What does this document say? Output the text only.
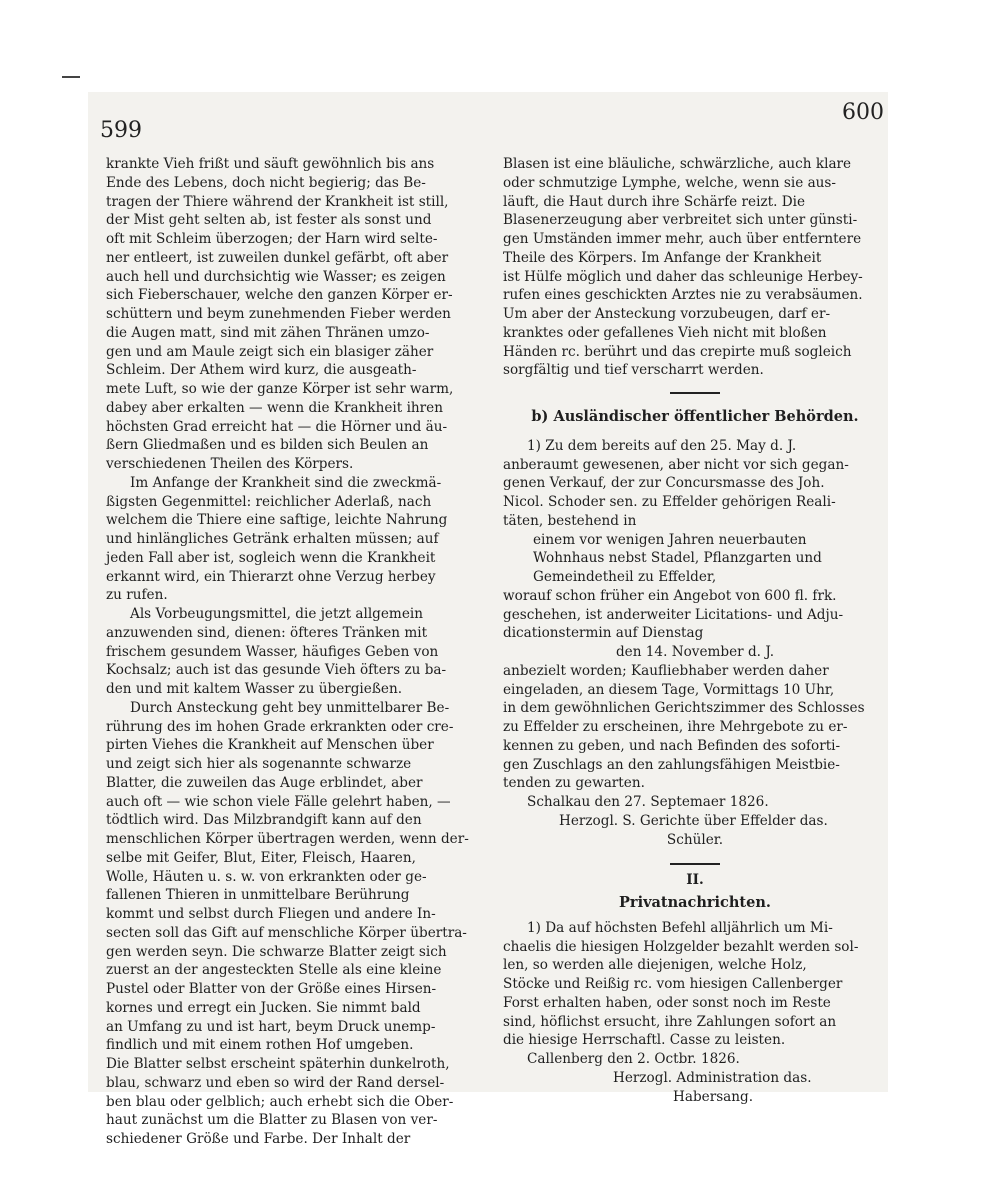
599
600
krankte Vieh frißt und säuft gewöhnlich bis ans
Ende des Lebens, doch nicht begierig; das Be-
tragen der Thiere während der Krankheit ist still,
der Mist geht selten ab, ist fester als sonst und
oft mit Schleim überzogen; der Harn wird selte-
ner entleert, ist zuweilen dunkel gefärbt, oft aber
auch hell und durchsichtig wie Wasser; es zeigen
sich Fieberschauer, welche den ganzen Körper er-
schüttern und beym zunehmenden Fieber werden
die Augen matt, sind mit zähen Thränen umzo-
gen und am Maule zeigt sich ein blasiger zäher
Schleim. Der Athem wird kurz, die ausgeath-
mete Luft, so wie der ganze Körper ist sehr warm,
dabey aber erkalten — wenn die Krankheit ihren
höchsten Grad erreicht hat — die Hörner und äu-
ßern Gliedmaßen und es bilden sich Beulen an
verschiedenen Theilen des Körpers.
Im Anfange der Krankheit sind die zweckmä-
ßigsten Gegenmittel: reichlicher Aderlaß, nach
welchem die Thiere eine saftige, leichte Nahrung
und hinlängliches Getränk erhalten müssen; auf
jeden Fall aber ist, sogleich wenn die Krankheit
erkannt wird, ein Thierarzt ohne Verzug herbey
zu rufen.
Als Vorbeugungsmittel, die jetzt allgemein
anzuwenden sind, dienen: öfteres Tränken mit
frischem gesundem Wasser, häufiges Geben von
Kochsalz; auch ist das gesunde Vieh öfters zu ba-
den und mit kaltem Wasser zu übergießen.
Durch Ansteckung geht bey unmittelbarer Be-
rührung des im hohen Grade erkrankten oder cre-
pirten Viehes die Krankheit auf Menschen über
und zeigt sich hier als sogenannte schwarze
Blatter, die zuweilen das Auge erblindet, aber
auch oft — wie schon viele Fälle gelehrt haben, —
tödtlich wird. Das Milzbrandgift kann auf den
menschlichen Körper übertragen werden, wenn der-
selbe mit Geifer, Blut, Eiter, Fleisch, Haaren,
Wolle, Häuten u. s. w. von erkrankten oder ge-
fallenen Thieren in unmittelbare Berührung
kommt und selbst durch Fliegen und andere In-
secten soll das Gift auf menschliche Körper übertra-
gen werden seyn. Die schwarze Blatter zeigt sich
zuerst an der angesteckten Stelle als eine kleine
Pustel oder Blatter von der Größe eines Hirsen-
kornes und erregt ein Jucken. Sie nimmt bald
an Umfang zu und ist hart, beym Druck unemp-
findlich und mit einem rothen Hof umgeben.
Die Blatter selbst erscheint späterhin dunkelroth,
blau, schwarz und eben so wird der Rand dersel-
ben blau oder gelblich; auch erhebt sich die Ober-
haut zunächst um die Blatter zu Blasen von ver-
schiedener Größe und Farbe. Der Inhalt der
Blasen ist eine bläuliche, schwärzliche, auch klare
oder schmutzige Lymphe, welche, wenn sie aus-
läuft, die Haut durch ihre Schärfe reizt. Die
Blasenerzeugung aber verbreitet sich unter günsti-
gen Umständen immer mehr, auch über entferntere
Theile des Körpers. Im Anfange der Krankheit
ist Hülfe möglich und daher das schleunige Herbey-
rufen eines geschickten Arztes nie zu verabsäumen.
Um aber der Ansteckung vorzubeugen, darf er-
kranktes oder gefallenes Vieh nicht mit bloßen
Händen rc. berührt und das crepirte muß sogleich
sorgfältig und tief verscharrt werden.
b) Ausländischer öffentlicher Behörden.
1) Zu dem bereits auf den 25. May d. J.
anberaumt gewesenen, aber nicht vor sich gegan-
genen Verkauf, der zur Concursmasse des Joh.
Nicol. Schoder sen. zu Effelder gehörigen Reali-
täten, bestehend in
einem vor wenigen Jahren neuerbauten
Wohnhaus nebst Stadel, Pflanzgarten und
Gemeindetheil zu Effelder,
worauf schon früher ein Angebot von 600 fl. frk.
geschehen, ist anderweiter Licitations- und Adju-
dicationstermin auf Dienstag
den 14. November d. J.
anbezielt worden; Kaufliebhaber werden daher
eingeladen, an diesem Tage, Vormittags 10 Uhr,
in dem gewöhnlichen Gerichtszimmer des Schlosses
zu Effelder zu erscheinen, ihre Mehrgebote zu er-
kennen zu geben, und nach Befinden des soforti-
gen Zuschlags an den zahlungsfähigen Meistbie-
tenden zu gewarten.
Schalkau den 27. Septemaer 1826.
Herzogl. S. Gerichte über Effelder das.
Schüler.
II.
Privatnachrichten.
1) Da auf höchsten Befehl alljährlich um Mi-
chaelis die hiesigen Holzgelder bezahlt werden sol-
len, so werden alle diejenigen, welche Holz,
Stöcke und Reißig rc. vom hiesigen Callenberger
Forst erhalten haben, oder sonst noch im Reste
sind, höflichst ersucht, ihre Zahlungen sofort an
die hiesige Herrschaftl. Casse zu leisten.
Callenberg den 2. Octbr. 1826.
Herzogl. Administration das.
Habersang.
